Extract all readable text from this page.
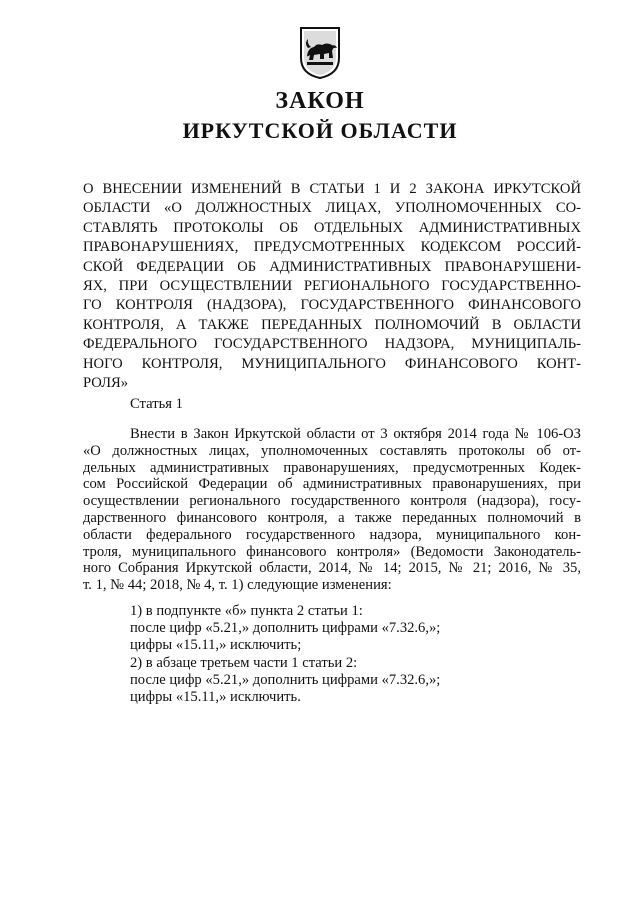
ЗАКОН
ИРКУТСКОЙ ОБЛАСТИ
О ВНЕСЕНИИ ИЗМЕНЕНИЙ В СТАТЬИ 1 И 2 ЗАКОНА ИРКУТСКОЙ
ОБЛАСТИ «О ДОЛЖНОСТНЫХ ЛИЦАХ, УПОЛНОМОЧЕННЫХ СО-
СТАВЛЯТЬ ПРОТОКОЛЫ ОБ ОТДЕЛЬНЫХ АДМИНИСТРАТИВНЫХ
ПРАВОНАРУШЕНИЯХ, ПРЕДУСМОТРЕННЫХ КОДЕКСОМ РОССИЙ-
СКОЙ ФЕДЕРАЦИИ ОБ АДМИНИСТРАТИВНЫХ ПРАВОНАРУШЕНИ-
ЯХ, ПРИ ОСУЩЕСТВЛЕНИИ РЕГИОНАЛЬНОГО ГОСУДАРСТВЕННО-
ГО КОНТРОЛЯ (НАДЗОРА), ГОСУДАРСТВЕННОГО ФИНАНСОВОГО
КОНТРОЛЯ, А ТАКЖЕ ПЕРЕДАННЫХ ПОЛНОМОЧИЙ В ОБЛАСТИ
ФЕДЕРАЛЬНОГО ГОСУДАРСТВЕННОГО НАДЗОРА, МУНИЦИПАЛЬ-
НОГО КОНТРОЛЯ, МУНИЦИПАЛЬНОГО ФИНАНСОВОГО КОНТ-
РОЛЯ»
Статья 1
Внести в Закон Иркутской области от 3 октября 2014 года № 106-ОЗ
«О должностных лицах, уполномоченных составлять протоколы об от-
дельных административных правонарушениях, предусмотренных Кодек-
сом Российской Федерации об административных правонарушениях, при
осуществлении регионального государственного контроля (надзора), госу-
дарственного финансового контроля, а также переданных полномочий в
области федерального государственного надзора, муниципального кон-
троля, муниципального финансового контроля» (Ведомости Законодатель-
ного Собрания Иркутской области, 2014, № 14; 2015, № 21; 2016, № 35,
т. 1, № 44; 2018, № 4, т. 1) следующие изменения:
1) в подпункте «б» пункта 2 статьи 1:
после цифр «5.21,» дополнить цифрами «7.32.6,»;
цифры «15.11,» исключить;
2) в абзаце третьем части 1 статьи 2:
после цифр «5.21,» дополнить цифрами «7.32.6,»;
цифры «15.11,» исключить.
